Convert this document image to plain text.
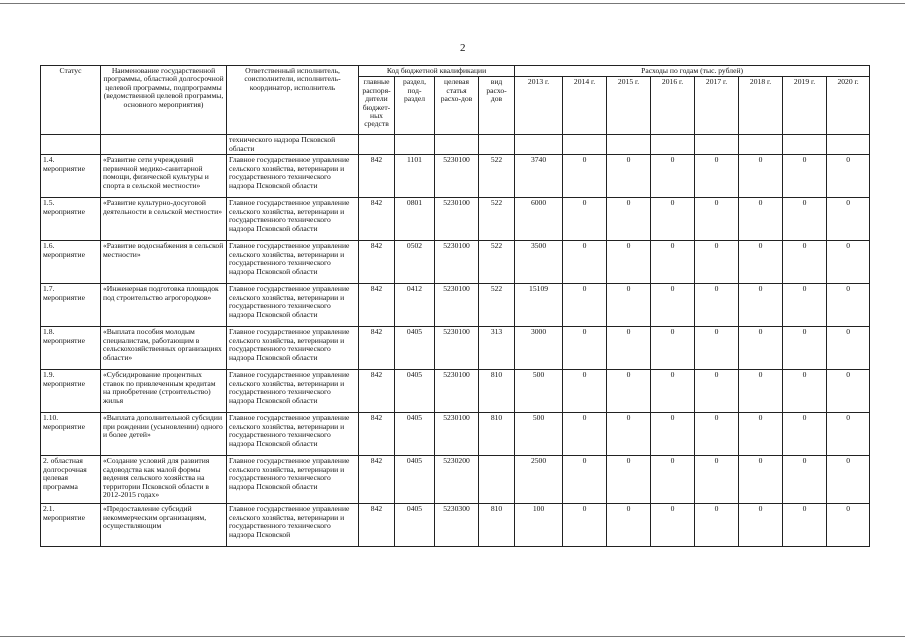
2
Статус	Наименование государственной программы, областной долгосрочной целевой программы, подпрограммы (ведомственной целевой программы, основного мероприятия)	Ответственный исполнитель, соисполнители, исполнитель-координатор, исполнитель	Код бюджетной квалификации				Расходы по годам (тыс. рублей)							
			главные распоря-дители бюджет-ных средств	раздел, под-раздел	целевая статья расхо-дов	вид расхо-дов	2013 г.	2014 г.	2015 г.	2016 г.	2017 г.	2018 г.	2019 г.	2020 г.
		технического надзора Псковской области												
1.4. мероприятие	«Развитие сети учреждений первичной медико-санитарной помощи, физической культуры и спорта в сельской местности»	Главное государственное управление сельского хозяйства, ветеринарии и государственного технического надзора Псковской области	842	1101	5230100	522	3740	0	0	0	0	0	0	0
1.5. мероприятие	«Развитие культурно-досуговой деятельности в сельской местности»	Главное государственное управление сельского хозяйства, ветеринарии и государственного технического надзора Псковской области	842	0801	5230100	522	6000	0	0	0	0	0	0	0
1.6. мероприятие	«Развитие водоснабжения в сельской местности»	Главное государственное управление сельского хозяйства, ветеринарии и государственного технического надзора Псковской области	842	0502	5230100	522	3500	0	0	0	0	0	0	0
1.7. мероприятие	«Инженерная подготовка площадок под строительство агрогородков»	Главное государственное управление сельского хозяйства, ветеринарии и государственного технического надзора Псковской области	842	0412	5230100	522	15109	0	0	0	0	0	0	0
1.8. мероприятие	«Выплата пособия молодым специалистам, работающим в сельскохозяйственных организациях области»	Главное государственное управление сельского хозяйства, ветеринарии и государственного технического надзора Псковской области	842	0405	5230100	313	3000	0	0	0	0	0	0	0
1.9. мероприятие	«Субсидирование процентных ставок по привлеченным кредитам на приобретение (строительство) жилья	Главное государственное управление сельского хозяйства, ветеринарии и государственного технического надзора Псковской области	842	0405	5230100	810	500	0	0	0	0	0	0	0
1.10. мероприятие	«Выплата дополнительной субсидии при рождении (усыновлении) одного и более детей»	Главное государственное управление сельского хозяйства, ветеринарии и государственного технического надзора Псковской области	842	0405	5230100	810	500	0	0	0	0	0	0	0
2. областная долгосрочная целевая программа	«Создание условий для развития садоводства как малой формы ведения сельского хозяйства на территории Псковской области в 2012-2015 годах»	Главное государственное управление сельского хозяйства, ветеринарии и государственного технического надзора Псковской области	842	0405	5230200		2500	0	0	0	0	0	0	0
2.1. мероприятие	«Предоставление субсидий некоммерческим организациям, осуществляющим	Главное государственное управление сельского хозяйства, ветеринарии и государственного технического надзора Псковской	842	0405	5230300	810	100	0	0	0	0	0	0	0
